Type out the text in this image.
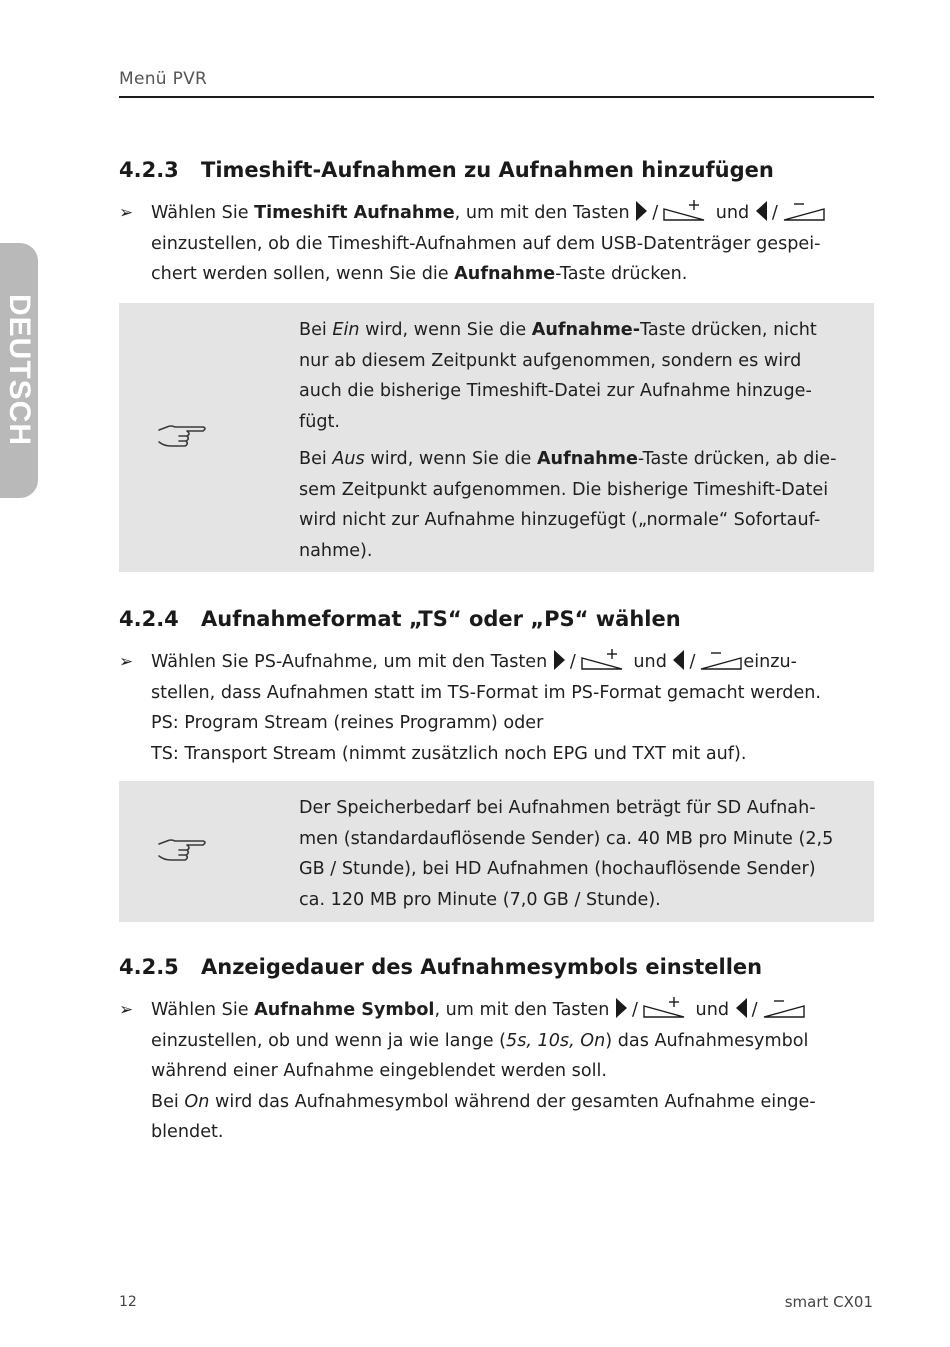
Menü PVR
DEUTSCH
4.2.3 Timeshift-Aufnahmen zu Aufnahmen hinzufügen
➢ Wählen Sie Timeshift Aufnahme, um mit den Tasten /	und /
einzustellen, ob die Timeshift-Aufnahmen auf dem USB-Datenträger gespei-
chert werden sollen, wenn Sie die Aufnahme-Taste drücken.
Bei Ein wird, wenn Sie die Aufnahme-Taste drücken, nicht
nur ab diesem Zeitpunkt aufgenommen, sondern es wird
auch die bisherige Timeshift-Datei zur Aufnahme hinzuge-
fügt.
Bei Aus wird, wenn Sie die Aufnahme-Taste drücken, ab die-
sem Zeitpunkt aufgenommen. Die bisherige Timeshift-Datei
wird nicht zur Aufnahme hinzugefügt („normale“ Sofortauf-
nahme).
4.2.4 Aufnahmeformat „TS“ oder „PS“ wählen
➢ Wählen Sie PS-Aufnahme, um mit den Tasten /	und /	einzu-
stellen, dass Aufnahmen statt im TS-Format im PS-Format gemacht werden.
PS: Program Stream (reines Programm) oder
TS: Transport Stream (nimmt zusätzlich noch EPG und TXT mit auf).
Der Speicherbedarf bei Aufnahmen beträgt für SD Aufnah-
men (standardauflösende Sender) ca. 40 MB pro Minute (2,5
GB / Stunde), bei HD Aufnahmen (hochauflösende Sender)
ca. 120 MB pro Minute (7,0 GB / Stunde).
4.2.5 Anzeigedauer des Aufnahmesymbols einstellen
➢ Wählen Sie Aufnahme Symbol, um mit den Tasten /	und /
einzustellen, ob und wenn ja wie lange (5s, 10s, On) das Aufnahmesymbol
während einer Aufnahme eingeblendet werden soll.
Bei On wird das Aufnahmesymbol während der gesamten Aufnahme einge-
blendet.
12	smart CX01
